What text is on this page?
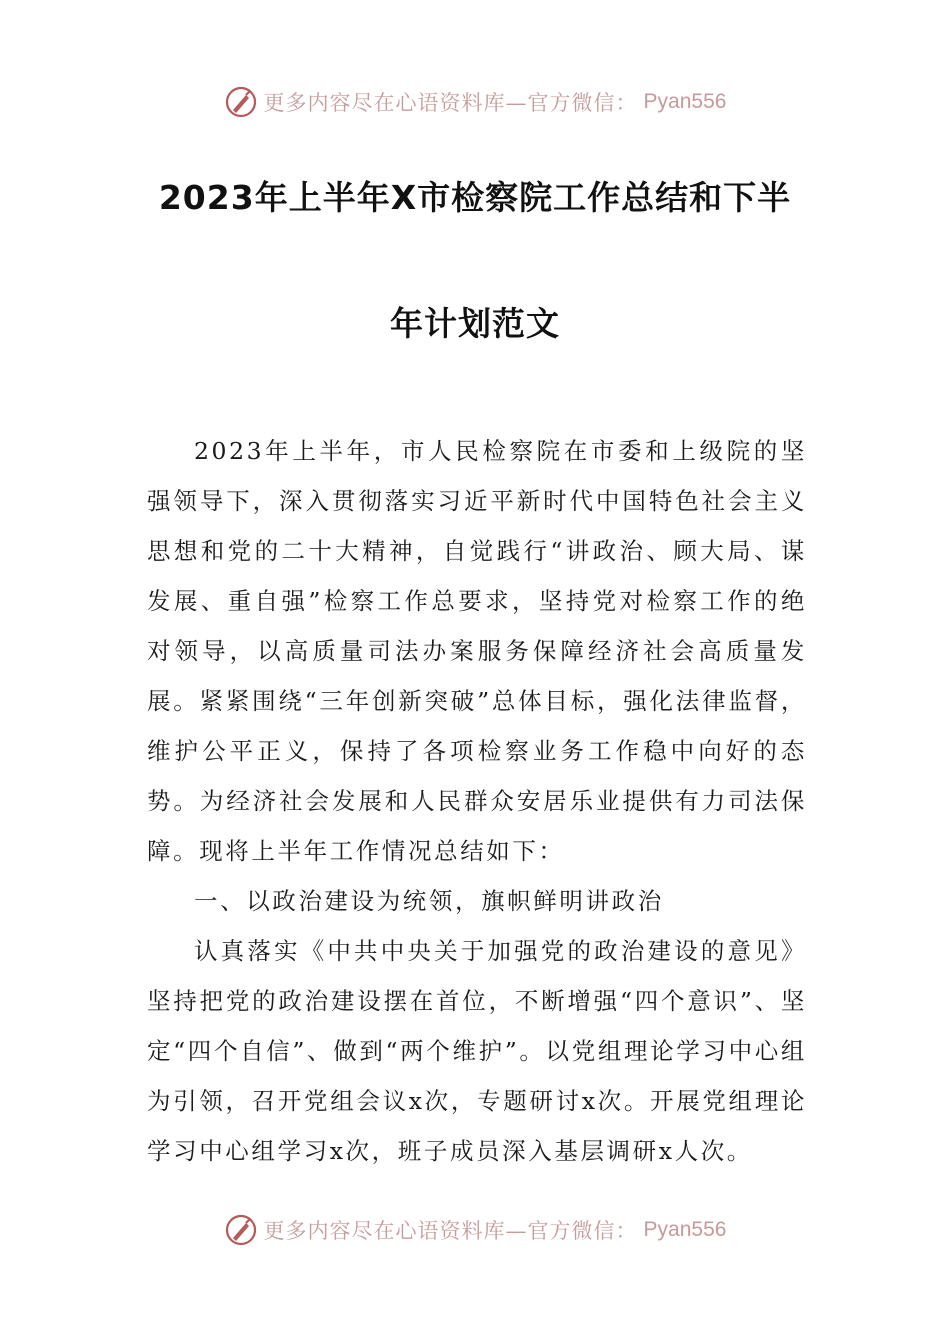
更多内容尽在心语资料库—官方微信： Pyan556
2023年上半年X市检察院工作总结和下半
年计划范文

2023年上半年，市人民检察院在市委和上级院的坚强领导下，深入贯彻落实习近平新时代中国特色社会主义思想和党的二十大精神，自觉践行“讲政治、顾大局、谋发展、重自强”检察工作总要求，坚持党对检察工作的绝对领导，以高质量司法办案服务保障经济社会高质量发展。紧紧围绕“三年创新突破”总体目标，强化法律监督，维护公平正义，保持了各项检察业务工作稳中向好的态势。为经济社会发展和人民群众安居乐业提供有力司法保障。现将上半年工作情况总结如下：

一、以政治建设为统领，旗帜鲜明讲政治

认真落实《中共中央关于加强党的政治建设的意见》坚持把党的政治建设摆在首位，不断增强“四个意识”、坚定“四个自信”、做到“两个维护”。以党组理论学习中心组为引领，召开党组会议x次，专题研讨x次。开展党组理论学习中心组学习x次，班子成员深入基层调研x人次。

更多内容尽在心语资料库—官方微信： Pyan556
